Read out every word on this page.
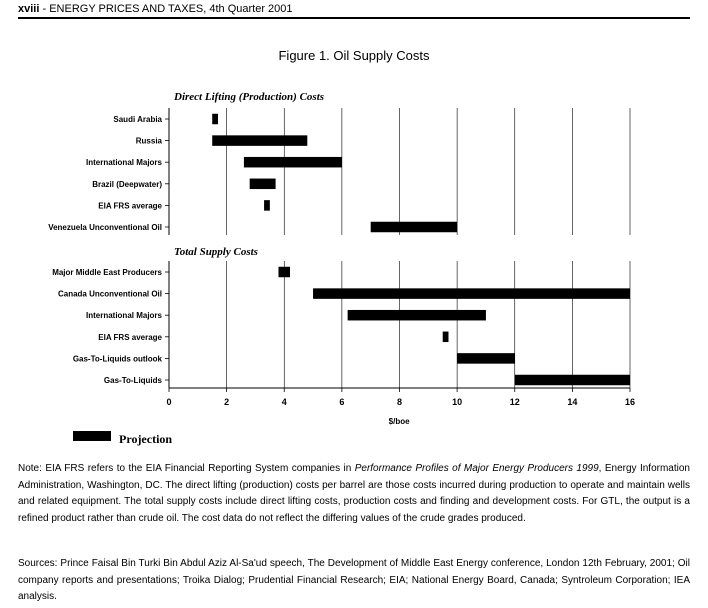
xviii - ENERGY PRICES AND TAXES, 4th Quarter 2001
Figure 1. Oil Supply Costs
Direct Lifting (Production) Costs
Saudi Arabia
Russia
International Majors
Brazil (Deepwater)
EIA FRS average
Venezuela Unconventional Oil
Total Supply Costs
Major Middle East Producers
Canada Unconventional Oil
International Majors
EIA FRS average
Gas-To-Liquids outlook
Gas-To-Liquids
0	2	4	6	8	10	12	14	16
$/boe
Projection
Note: EIA FRS refers to the EIA Financial Reporting System companies in Performance Profiles of Major Energy Producers 1999, Energy Information Administration, Washington, DC. The direct lifting (production) costs per barrel are those costs incurred during production to operate and maintain wells and related equipment. The total supply costs include direct lifting costs, production costs and finding and development costs. For GTL, the output is a refined product rather than crude oil. The cost data do not reflect the differing values of the crude grades produced.
Sources: Prince Faisal Bin Turki Bin Abdul Aziz Al-Sa'ud speech, The Development of Middle East Energy conference, London 12th February, 2001; Oil company reports and presentations; Troika Dialog; Prudential Financial Research; EIA; National Energy Board, Canada; Syntroleum Corporation; IEA analysis.
